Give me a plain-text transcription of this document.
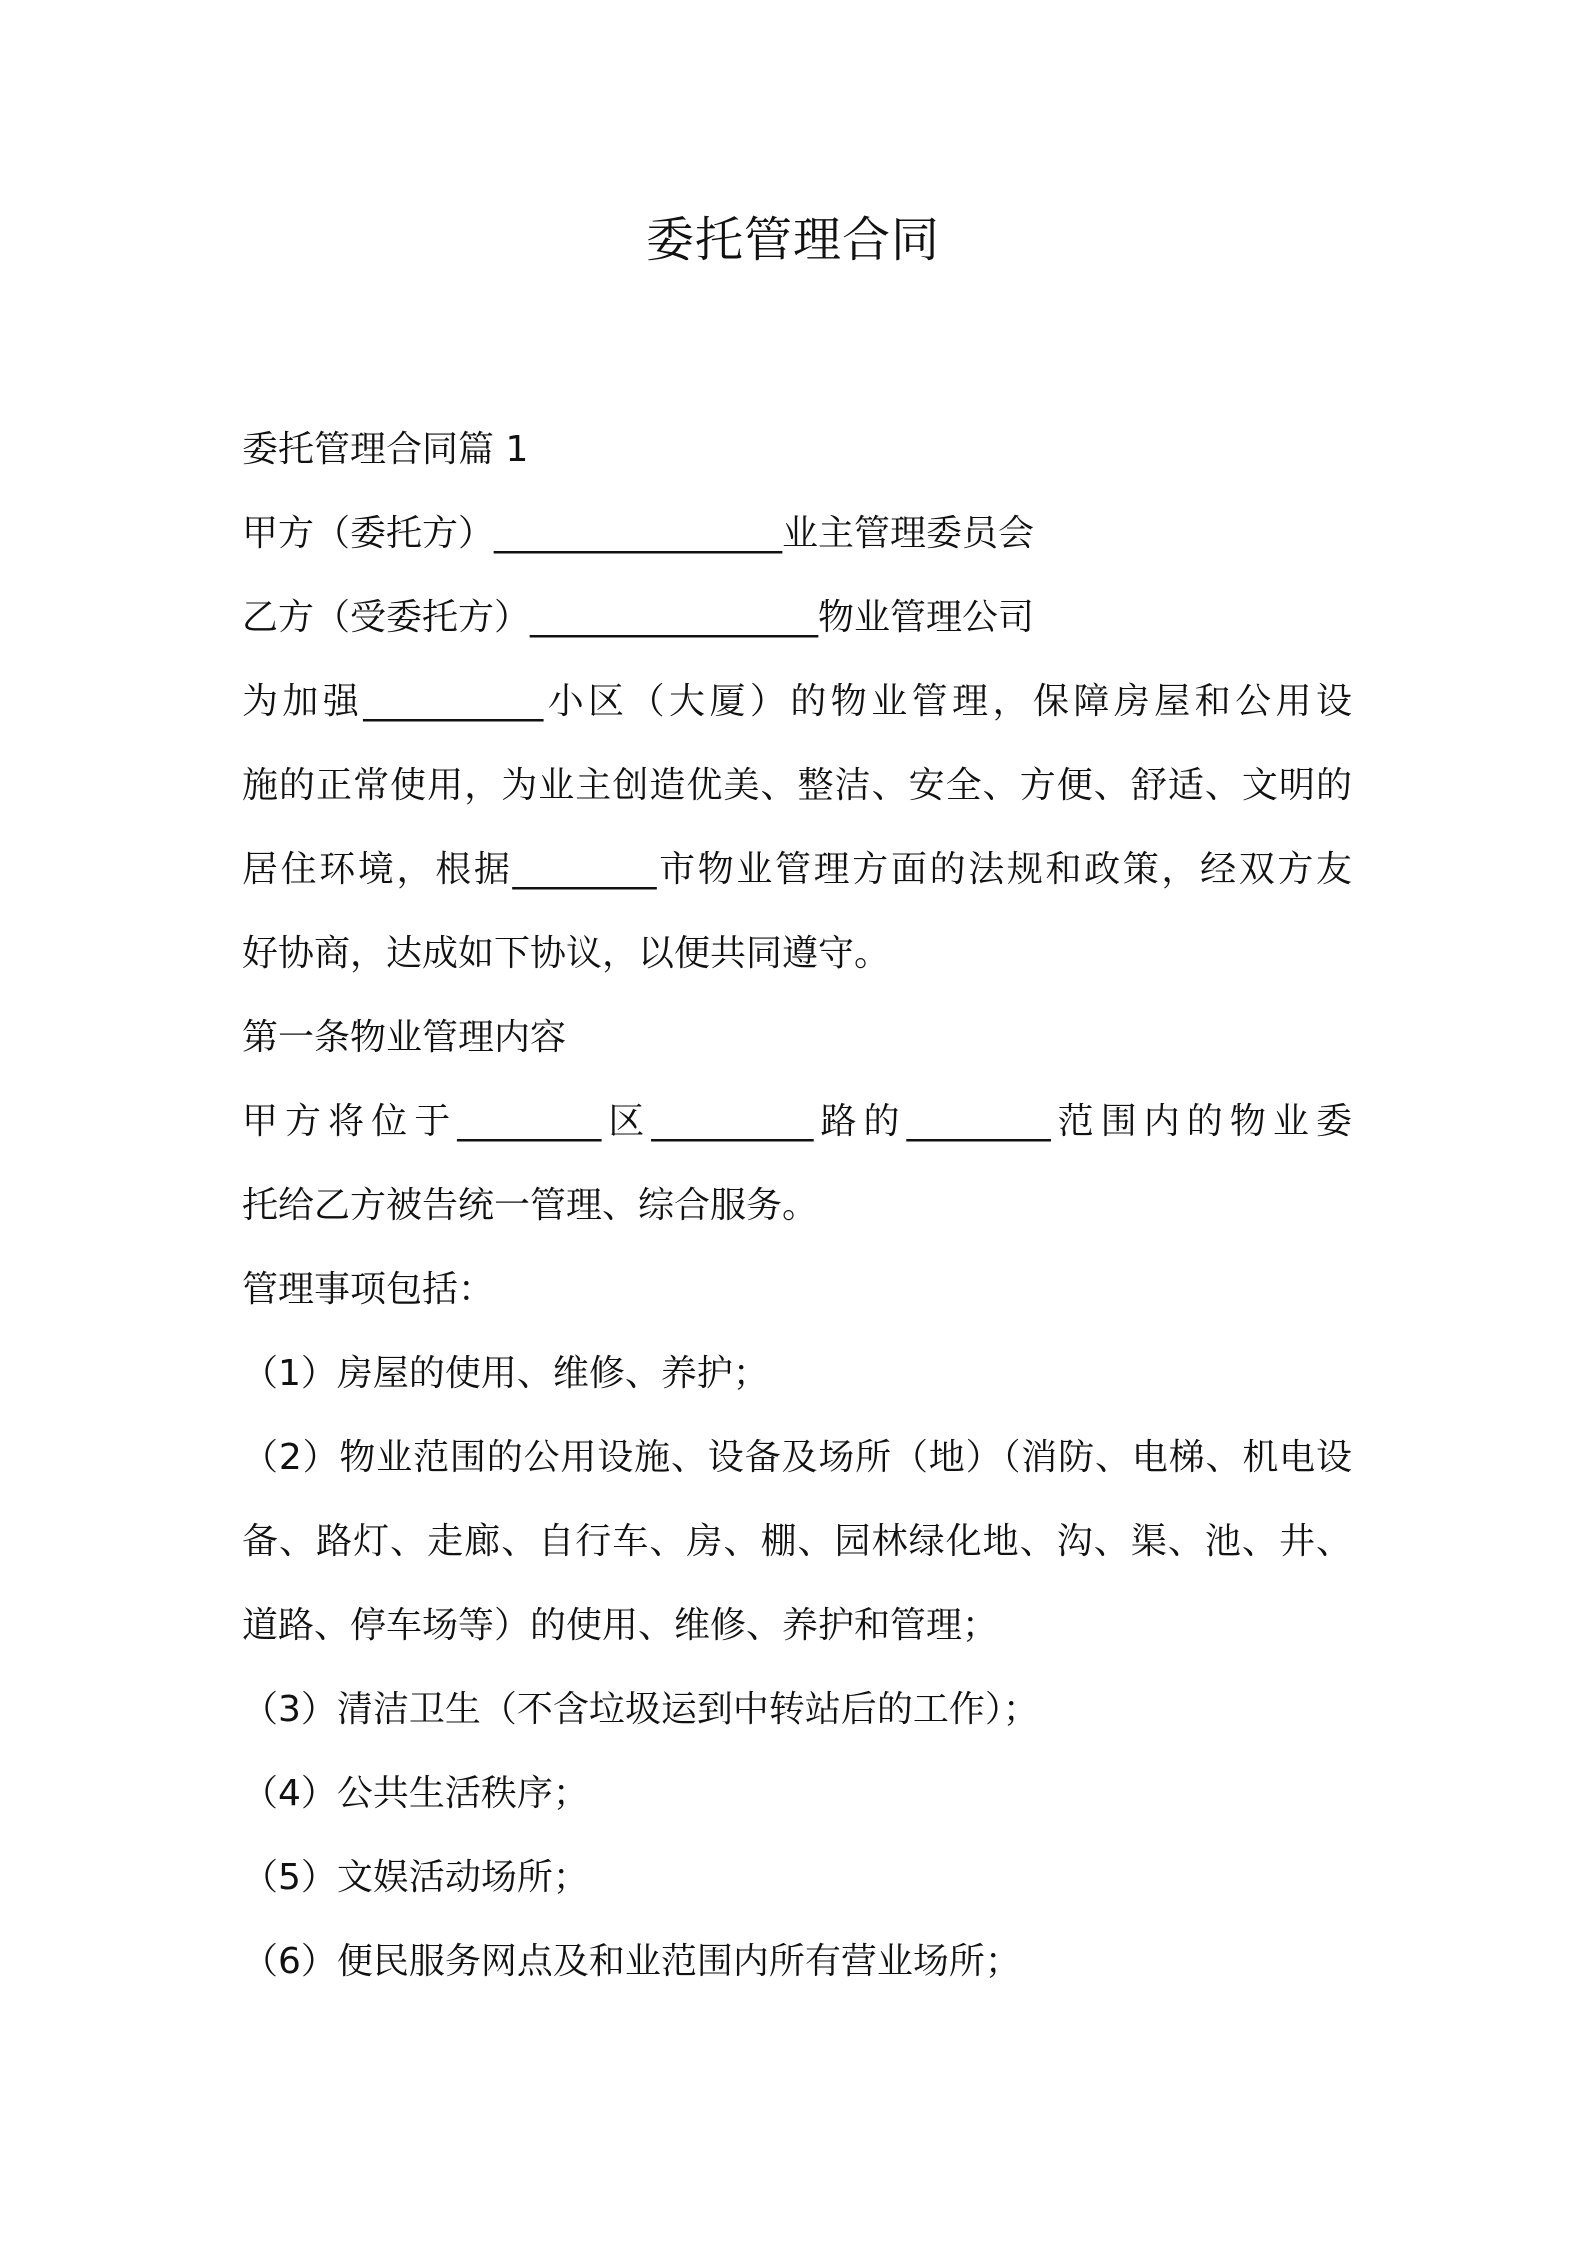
委托管理合同
委托管理合同篇 1
甲方（委托方）________________业主管理委员会
乙方（受委托方）________________物业管理公司
为加强__________小区（大厦）的物业管理，保障房屋和公用设
施的正常使用，为业主创造优美、整洁、安全、方便、舒适、文明的
居住环境，根据________市物业管理方面的法规和政策，经双方友
好协商，达成如下协议，以便共同遵守。
第一条物业管理内容
甲方将位于________区_________路的________范围内的物业委
托给乙方被告统一管理、综合服务。
管理事项包括：
（1）房屋的使用、维修、养护；
（2）物业范围的公用设施、设备及场所（地）（消防、电梯、机电设
备、路灯、走廊、自行车、房、棚、园林绿化地、沟、渠、池、井、
道路、停车场等）的使用、维修、养护和管理；
（3）清洁卫生（不含垃圾运到中转站后的工作）；
（4）公共生活秩序；
（5）文娱活动场所；
（6）便民服务网点及和业范围内所有营业场所；
